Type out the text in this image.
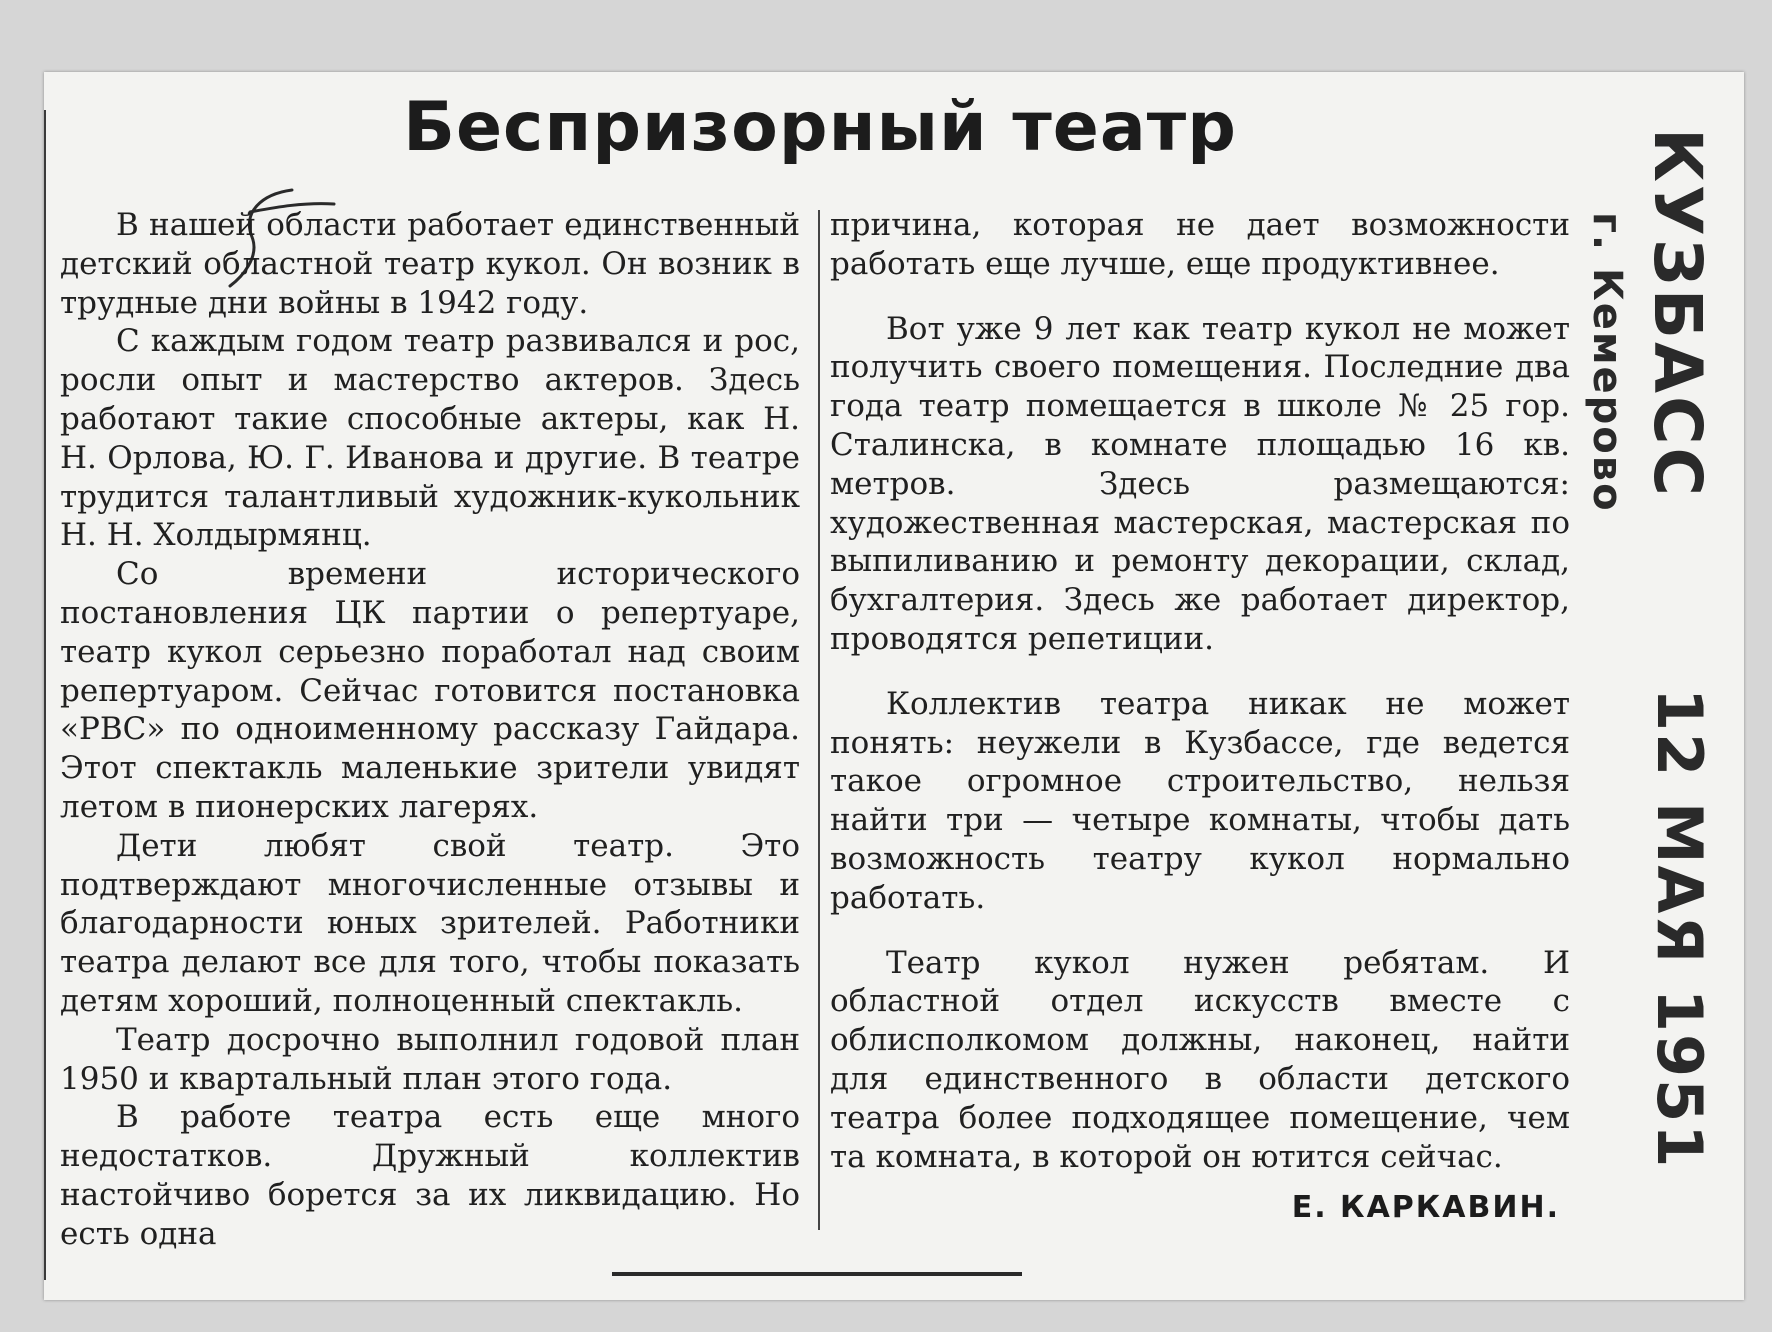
Беспризорный театр

В нашей области работает единственный детский областной театр кукол. Он возник в трудные дни войны в 1942 году.

С каждым годом театр развивался и рос, росли опыт и мастерство актеров. Здесь работают такие способные актеры, как Н. Н. Орлова, Ю. Г. Иванова и другие. В театре трудится талантливый художник-кукольник Н. Н. Холдырмянц.

Со времени исторического постановления ЦК партии о репертуаре, театр кукол серьезно поработал над своим репертуаром. Сейчас готовится постановка «РВС» по одноименному рассказу Гайдара. Этот спектакль маленькие зрители увидят летом в пионерских лагерях.

Дети любят свой театр. Это подтверждают многочисленные отзывы и благодарности юных зрителей. Работники театра делают все для того, чтобы показать детям хороший, полноценный спектакль.

Театр досрочно выполнил годовой план 1950 и квартальный план этого года.

В работе театра есть еще много недостатков. Дружный коллектив настойчиво борется за их ликвидацию. Но есть одна

причина, которая не дает возможности работать еще лучше, еще продуктивнее.

Вот уже 9 лет как театр кукол не может получить своего помещения. Последние два года театр помещается в школе № 25 гор. Сталинска, в комнате площадью 16 кв. метров. Здесь размещаются: художественная мастерская, мастерская по выпиливанию и ремонту декорации, склад, бухгалтерия. Здесь же работает директор, проводятся репетиции.

Коллектив театра никак не может понять: неужели в Кузбассе, где ведется такое огромное строительство, нельзя найти три — четыре комнаты, чтобы дать возможность театру кукол нормально работать.

Театр кукол нужен ребятам. И областной отдел искусств вместе с облисполкомом должны, наконец, найти для единственного в области детского театра более подходящее помещение, чем та комната, в которой он ютится сейчас.

Е. КАРКАВИН.
КУЗБАСС
г. Кемерово
12 МАЯ 1951
